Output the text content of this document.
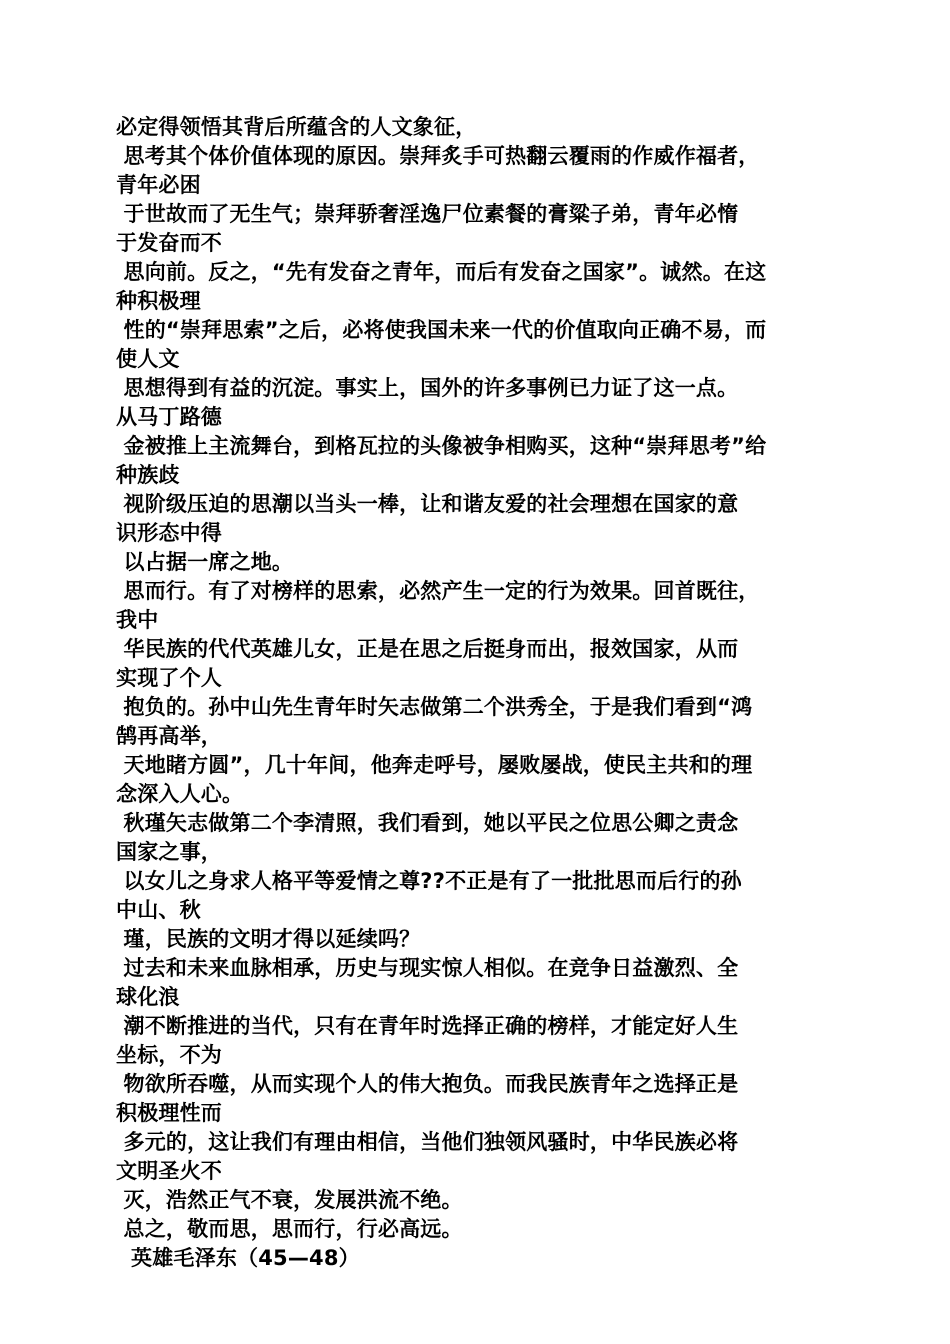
必定得领悟其背后所蕴含的人文象征，
思考其个体价值体现的原因。崇拜炙手可热翻云覆雨的作威作福者，
青年必困
于世故而了无生气；崇拜骄奢淫逸尸位素餐的膏粱子弟，青年必惰
于发奋而不
思向前。反之，“先有发奋之青年，而后有发奋之国家”。诚然。在这
种积极理
性的“崇拜思索”之后，必将使我国未来一代的价值取向正确不易，而
使人文
思想得到有益的沉淀。事实上，国外的许多事例已力证了这一点。
从马丁路德
金被推上主流舞台，到格瓦拉的头像被争相购买，这种“崇拜思考”给
种族歧
视阶级压迫的思潮以当头一棒，让和谐友爱的社会理想在国家的意
识形态中得
以占据一席之地。
思而行。有了对榜样的思索，必然产生一定的行为效果。回首既往，
我中
华民族的代代英雄儿女，正是在思之后挺身而出，报效国家，从而
实现了个人
抱负的。孙中山先生青年时矢志做第二个洪秀全，于是我们看到“鸿
鹄再高举，
天地睹方圆”，几十年间，他奔走呼号，屡败屡战，使民主共和的理
念深入人心。
秋瑾矢志做第二个李清照，我们看到，她以平民之位思公卿之责念
国家之事，
以女儿之身求人格平等爱情之尊??不正是有了一批批思而后行的孙
中山、秋
瑾，民族的文明才得以延续吗？
过去和未来血脉相承，历史与现实惊人相似。在竞争日益激烈、全
球化浪
潮不断推进的当代，只有在青年时选择正确的榜样，才能定好人生
坐标，不为
物欲所吞噬，从而实现个人的伟大抱负。而我民族青年之选择正是
积极理性而
多元的，这让我们有理由相信，当他们独领风骚时，中华民族必将
文明圣火不
灭，浩然正气不衰，发展洪流不绝。
总之，敬而思，思而行，行必高远。
英雄毛泽东（45—48）
